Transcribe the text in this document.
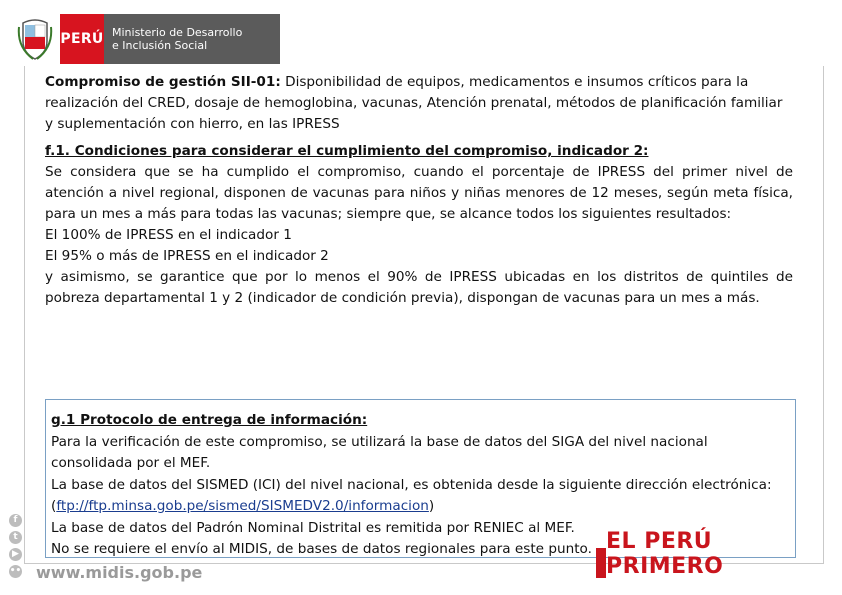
PERÚ Ministerio de Desarrollo
e Inclusión Social

Compromiso de gestión SII-01: Disponibilidad de equipos, medicamentos e insumos críticos para la realización del CRED, dosaje de hemoglobina, vacunas, Atención prenatal, métodos de planificación familiar y suplementación con hierro, en las IPRESS

f.1. Condiciones para considerar el cumplimiento del compromiso, indicador 2:

Se considera que se ha cumplido el compromiso, cuando el porcentaje de IPRESS del primer nivel de atención a nivel regional, disponen de vacunas para niños y niñas menores de 12 meses, según meta física, para un mes a más para todas las vacunas; siempre que, se alcance todos los siguientes resultados:

El 100% de IPRESS en el indicador 1

El 95% o más de IPRESS en el indicador 2

y asimismo, se garantice que por lo menos el 90% de IPRESS ubicadas en los distritos de quintiles de pobreza departamental 1 y 2 (indicador de condición previa), dispongan de vacunas para un mes a más.

g.1 Protocolo de entrega de información:

Para la verificación de este compromiso, se utilizará la base de datos del SIGA del nivel nacional consolidada por el MEF.

La base de datos del SISMED (ICI) del nivel nacional, es obtenida desde la siguiente dirección electrónica: (ftp://ftp.minsa.gob.pe/sismed/SISMEDV2.0/informacion)

La base de datos del Padrón Nominal Distrital es remitida por RENIEC al MEF.

No se requiere el envío al MIDIS, de bases de datos regionales para este punto.

f
t
▶
•• www.midis.gob.pe
EL PERÚ PRIMERO
